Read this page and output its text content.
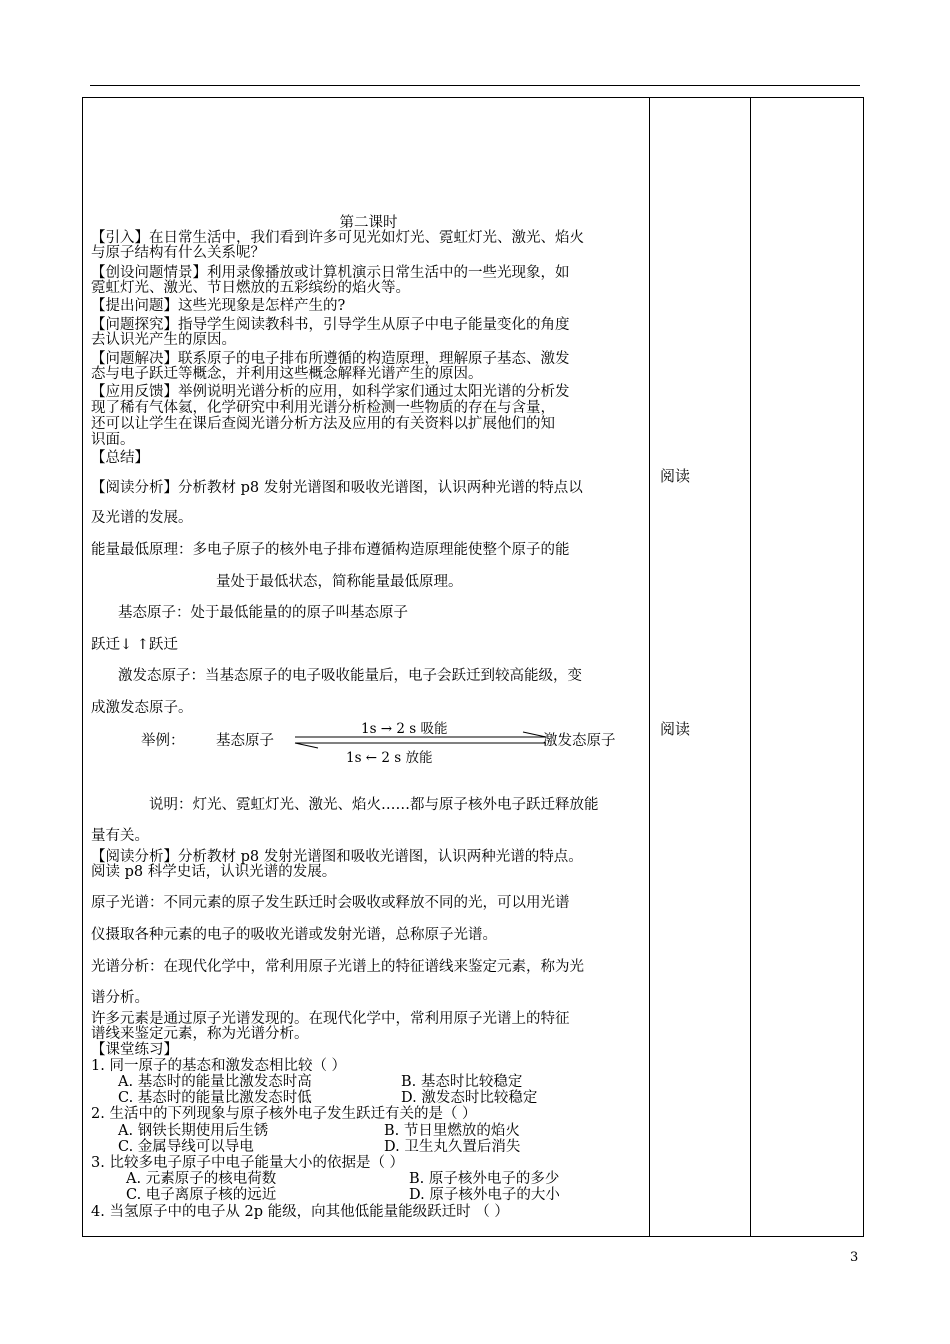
第二课时
【引入】在日常生活中，我们看到许多可见光如灯光、霓虹灯光、激光、焰火
与原子结构有什么关系呢？
【创设问题情景】利用录像播放或计算机演示日常生活中的一些光现象，如
霓虹灯光、激光、节日燃放的五彩缤纷的焰火等。
【提出问题】这些光现象是怎样产生的?
【问题探究】指导学生阅读教科书，引导学生从原子中电子能量变化的角度
去认识光产生的原因。
【问题解决】联系原子的电子排布所遵循的构造原理，理解原子基态、激发
态与电子跃迁等概念，并利用这些概念解释光谱产生的原因。
【应用反馈】举例说明光谱分析的应用，如科学家们通过太阳光谱的分析发
现了稀有气体氦，化学研究中利用光谱分析检测一些物质的存在与含量，
还可以让学生在课后查阅光谱分析方法及应用的有关资料以扩展他们的知
识面。
【总结】
【阅读分析】分析教材 p8 发射光谱图和吸收光谱图，认识两种光谱的特点以
及光谱的发展。
能量最低原理：多电子原子的核外电子排布遵循构造原理能使整个原子的能
量处于最低状态，简称能量最低原理。
基态原子：处于最低能量的的原子叫基态原子
跃迁↓ ↑跃迁
激发态原子：当基态原子的电子吸收能量后，电子会跃迁到较高能级，变
成激发态原子。
举例： 基态原子
1s → 2 s 吸能
1s ← 2 s 放能
激发态原子
说明：灯光、霓虹灯光、激光、焰火……都与原子核外电子跃迁释放能
量有关。
【阅读分析】分析教材 p8 发射光谱图和吸收光谱图，认识两种光谱的特点。
阅读 p8 科学史话，认识光谱的发展。
原子光谱：不同元素的原子发生跃迁时会吸收或释放不同的光，可以用光谱
仪摄取各种元素的电子的吸收光谱或发射光谱，总称原子光谱。
光谱分析：在现代化学中，常利用原子光谱上的特征谱线来鉴定元素，称为光
谱分析。
许多元素是通过原子光谱发现的。在现代化学中，常利用原子光谱上的特征
谱线来鉴定元素，称为光谱分析。
【课堂练习】
1. 同一原子的基态和激发态相比较（ ）
A. 基态时的能量比激发态时高	B. 基态时比较稳定
C. 基态时的能量比激发态时低	D. 激发态时比较稳定
2. 生活中的下列现象与原子核外电子发生跃迁有关的是（ ）
A. 钢铁长期使用后生锈	B. 节日里燃放的焰火
C. 金属导线可以导电	D. 卫生丸久置后消失
3. 比较多电子原子中电子能量大小的依据是（ ）
A. 元素原子的核电荷数	B. 原子核外电子的多少
C. 电子离原子核的远近	D. 原子核外电子的大小
4. 当氢原子中的电子从 2p 能级，向其他低能量能级跃迁时 （ ）
阅读
阅读
3
